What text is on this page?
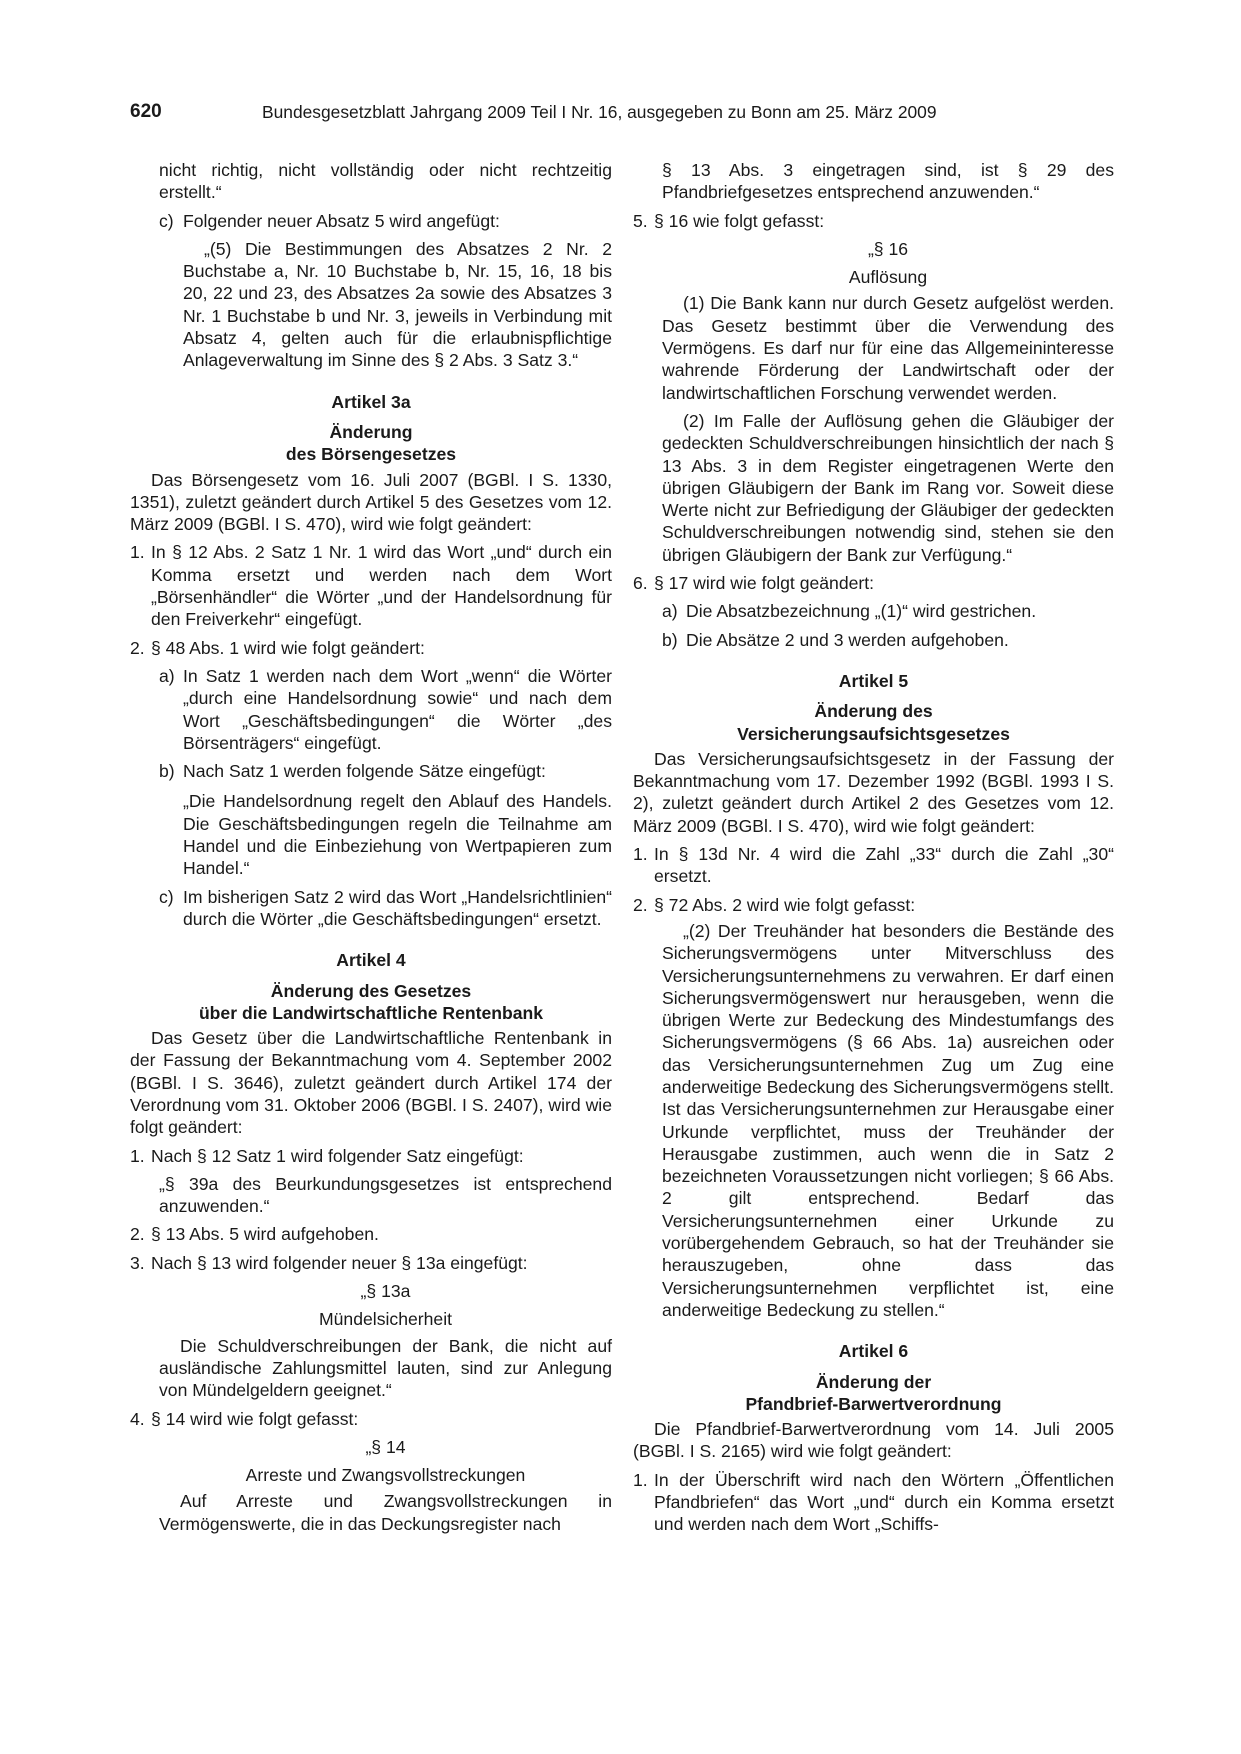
620	Bundesgesetzblatt Jahrgang 2009 Teil I Nr. 16, ausgegeben zu Bonn am 25. März 2009

nicht richtig, nicht vollständig oder nicht rechtzeitig erstellt.“

c) Folgender neuer Absatz 5 wird angefügt:

„(5) Die Bestimmungen des Absatzes 2 Nr. 2 Buchstabe a, Nr. 10 Buchstabe b, Nr. 15, 16, 18 bis 20, 22 und 23, des Absatzes 2a sowie des Absatzes 3 Nr. 1 Buchstabe b und Nr. 3, jeweils in Verbindung mit Absatz 4, gelten auch für die erlaubnispflichtige Anlageverwaltung im Sinne des § 2 Abs. 3 Satz 3.“

Artikel 3a
Änderung
des Börsengesetzes

Das Börsengesetz vom 16. Juli 2007 (BGBl. I S. 1330, 1351), zuletzt geändert durch Artikel 5 des Gesetzes vom 12. März 2009 (BGBl. I S. 470), wird wie folgt geändert:

1. In § 12 Abs. 2 Satz 1 Nr. 1 wird das Wort „und“ durch ein Komma ersetzt und werden nach dem Wort „Börsenhändler“ die Wörter „und der Handelsordnung für den Freiverkehr“ eingefügt.
2. § 48 Abs. 1 wird wie folgt geändert:
a) In Satz 1 werden nach dem Wort „wenn“ die Wörter „durch eine Handelsordnung sowie“ und nach dem Wort „Geschäftsbedingungen“ die Wörter „des Börsenträgers“ eingefügt.
b) Nach Satz 1 werden folgende Sätze eingefügt:

„Die Handelsordnung regelt den Ablauf des Handels. Die Geschäftsbedingungen regeln die Teilnahme am Handel und die Einbeziehung von Wertpapieren zum Handel.“

c) Im bisherigen Satz 2 wird das Wort „Handelsrichtlinien“ durch die Wörter „die Geschäftsbedingungen“ ersetzt.
Artikel 4
Änderung des Gesetzes
über die Landwirtschaftliche Rentenbank

Das Gesetz über die Landwirtschaftliche Rentenbank in der Fassung der Bekanntmachung vom 4. September 2002 (BGBl. I S. 3646), zuletzt geändert durch Artikel 174 der Verordnung vom 31. Oktober 2006 (BGBl. I S. 2407), wird wie folgt geändert:

1. Nach § 12 Satz 1 wird folgender Satz eingefügt:

„§ 39a des Beurkundungsgesetzes ist entsprechend anzuwenden.“

2. § 13 Abs. 5 wird aufgehoben.
3. Nach § 13 wird folgender neuer § 13a eingefügt:
„§ 13a
Mündelsicherheit

Die Schuldverschreibungen der Bank, die nicht auf ausländische Zahlungsmittel lauten, sind zur Anlegung von Mündelgeldern geeignet.“

4. § 14 wird wie folgt gefasst:
„§ 14
Arreste und Zwangsvollstreckungen

Auf Arreste und Zwangsvollstreckungen in Vermögenswerte, die in das Deckungsregister nach

§ 13 Abs. 3 eingetragen sind, ist § 29 des Pfandbriefgesetzes entsprechend anzuwenden.“

5. § 16 wie folgt gefasst:
„§ 16
Auflösung

(1) Die Bank kann nur durch Gesetz aufgelöst werden. Das Gesetz bestimmt über die Verwendung des Vermögens. Es darf nur für eine das Allgemeininteresse wahrende Förderung der Landwirtschaft oder der landwirtschaftlichen Forschung verwendet werden.

(2) Im Falle der Auflösung gehen die Gläubiger der gedeckten Schuldverschreibungen hinsichtlich der nach § 13 Abs. 3 in dem Register eingetragenen Werte den übrigen Gläubigern der Bank im Rang vor. Soweit diese Werte nicht zur Befriedigung der Gläubiger der gedeckten Schuldverschreibungen notwendig sind, stehen sie den übrigen Gläubigern der Bank zur Verfügung.“

6. § 17 wird wie folgt geändert:
a) Die Absatzbezeichnung „(1)“ wird gestrichen.
b) Die Absätze 2 und 3 werden aufgehoben.
Artikel 5
Änderung des
Versicherungsaufsichtsgesetzes

Das Versicherungsaufsichtsgesetz in der Fassung der Bekanntmachung vom 17. Dezember 1992 (BGBl. 1993 I S. 2), zuletzt geändert durch Artikel 2 des Gesetzes vom 12. März 2009 (BGBl. I S. 470), wird wie folgt geändert:

1. In § 13d Nr. 4 wird die Zahl „33“ durch die Zahl „30“ ersetzt.
2. § 72 Abs. 2 wird wie folgt gefasst:

„(2) Der Treuhänder hat besonders die Bestände des Sicherungsvermögens unter Mitverschluss des Versicherungsunternehmens zu verwahren. Er darf einen Sicherungsvermögenswert nur herausgeben, wenn die übrigen Werte zur Bedeckung des Mindestumfangs des Sicherungsvermögens (§ 66 Abs. 1a) ausreichen oder das Versicherungsunternehmen Zug um Zug eine anderweitige Bedeckung des Sicherungsvermögens stellt. Ist das Versicherungsunternehmen zur Herausgabe einer Urkunde verpflichtet, muss der Treuhänder der Herausgabe zustimmen, auch wenn die in Satz 2 bezeichneten Voraussetzungen nicht vorliegen; § 66 Abs. 2 gilt entsprechend. Bedarf das Versicherungsunternehmen einer Urkunde zu vorübergehendem Gebrauch, so hat der Treuhänder sie herauszugeben, ohne dass das Versicherungsunternehmen verpflichtet ist, eine anderweitige Bedeckung zu stellen.“

Artikel 6
Änderung der
Pfandbrief-Barwertverordnung

Die Pfandbrief-Barwertverordnung vom 14. Juli 2005 (BGBl. I S. 2165) wird wie folgt geändert:

1. In der Überschrift wird nach den Wörtern „Öffentlichen Pfandbriefen“ das Wort „und“ durch ein Komma ersetzt und werden nach dem Wort „Schiffs-
